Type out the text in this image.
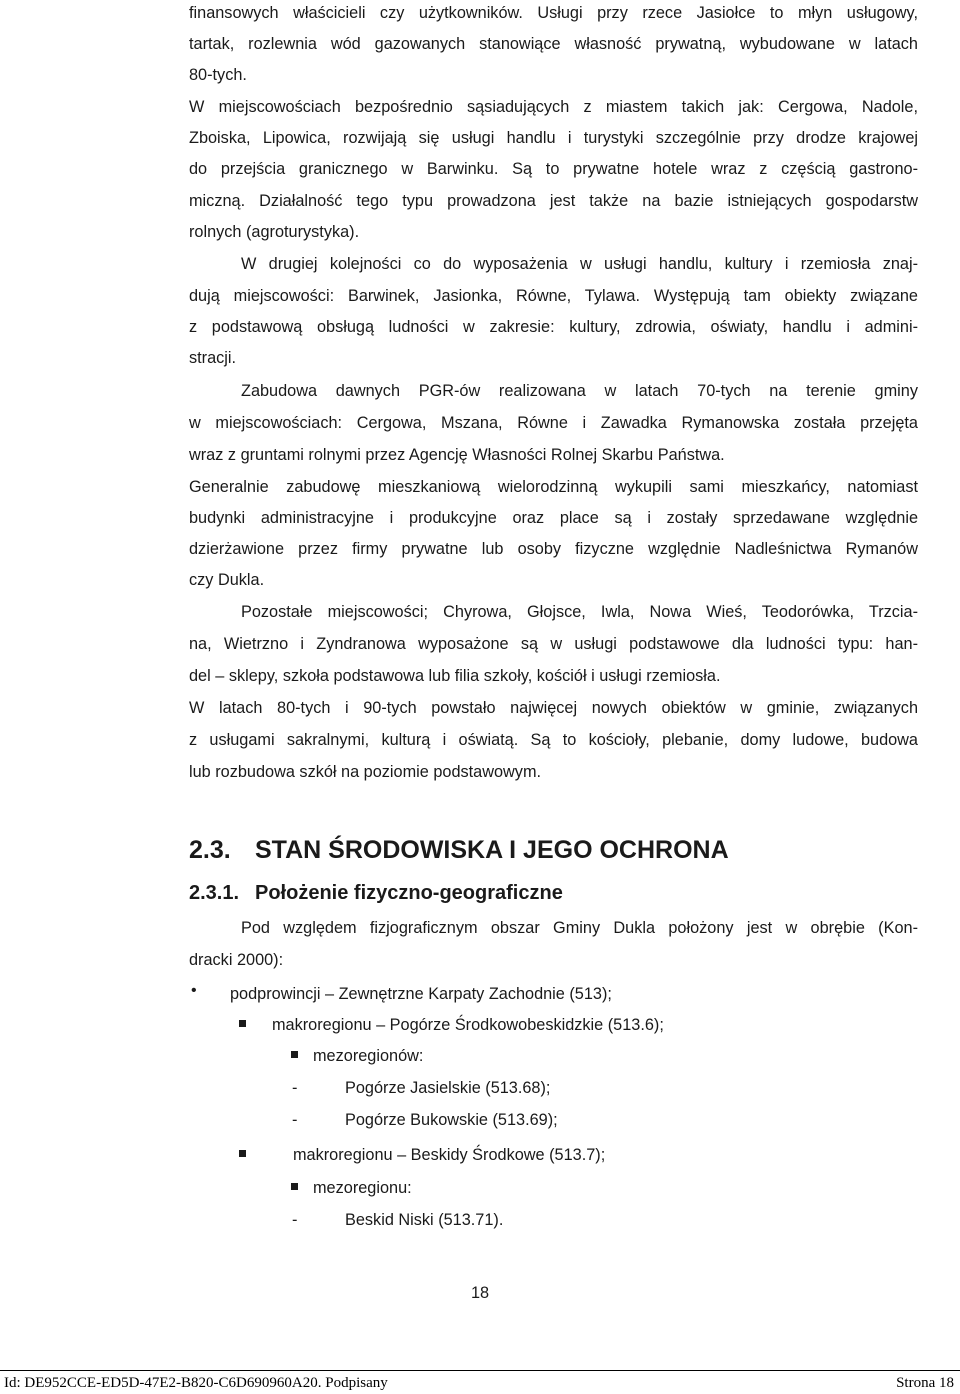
finansowych właścicieli czy użytkowników. Usługi przy rzece Jasiołce to młyn usługowy,
tartak, rozlewnia wód gazowanych stanowiące własność prywatną, wybudowane w latach
80-tych.
W miejscowościach bezpośrednio sąsiadujących z miastem takich jak: Cergowa, Nadole,
Zboiska, Lipowica, rozwijają się usługi handlu i turystyki szczególnie przy drodze krajowej
do przejścia granicznego w Barwinku. Są to prywatne hotele wraz z częścią gastrono-
miczną. Działalność tego typu prowadzona jest także na bazie istniejących gospodarstw
rolnych (agroturystyka).
W drugiej kolejności co do wyposażenia w usługi handlu, kultury i rzemiosła znaj-
dują miejscowości: Barwinek, Jasionka, Równe, Tylawa. Występują tam obiekty związane
z podstawową obsługą ludności w zakresie: kultury, zdrowia, oświaty, handlu i admini-
stracji.
Zabudowa dawnych PGR-ów realizowana w latach 70-tych na terenie gminy
w miejscowościach: Cergowa, Mszana, Równe i Zawadka Rymanowska została przejęta
wraz z gruntami rolnymi przez Agencję Własności Rolnej Skarbu Państwa.
Generalnie zabudowę mieszkaniową wielorodzinną wykupili sami mieszkańcy, natomiast
budynki administracyjne i produkcyjne oraz place są i zostały sprzedawane względnie
dzierżawione przez firmy prywatne lub osoby fizyczne względnie Nadleśnictwa Rymanów
czy Dukla.
Pozostałe miejscowości; Chyrowa, Głojsce, Iwla, Nowa Wieś, Teodorówka, Trzcia-
na, Wietrzno i Zyndranowa wyposażone są w usługi podstawowe dla ludności typu: han-
del – sklepy, szkoła podstawowa lub filia szkoły, kościół i usługi rzemiosła.
W latach 80-tych i 90-tych powstało najwięcej nowych obiektów w gminie, związanych
z usługami sakralnymi, kulturą i oświatą. Są to kościoły, plebanie, domy ludowe, budowa
lub rozbudowa szkół na poziomie podstawowym.
2.3. STAN ŚRODOWISKA I JEGO OCHRONA
2.3.1. Położenie fizyczno-geograficzne
Pod względem fizjograficznym obszar Gminy Dukla położony jest w obrębie (Kon-
dracki 2000):
• podprowincji – Zewnętrzne Karpaty Zachodnie (513);
makroregionu – Pogórze Środkowobeskidzkie (513.6);
mezoregionów:
-	Pogórze Jasielskie (513.68);
-	Pogórze Bukowskie (513.69);
makroregionu – Beskidy Środkowe (513.7);
mezoregionu:
-	Beskid Niski (513.71).
18
Id: DE952CCE-ED5D-47E2-B820-C6D690960A20. Podpisany	Strona 18
